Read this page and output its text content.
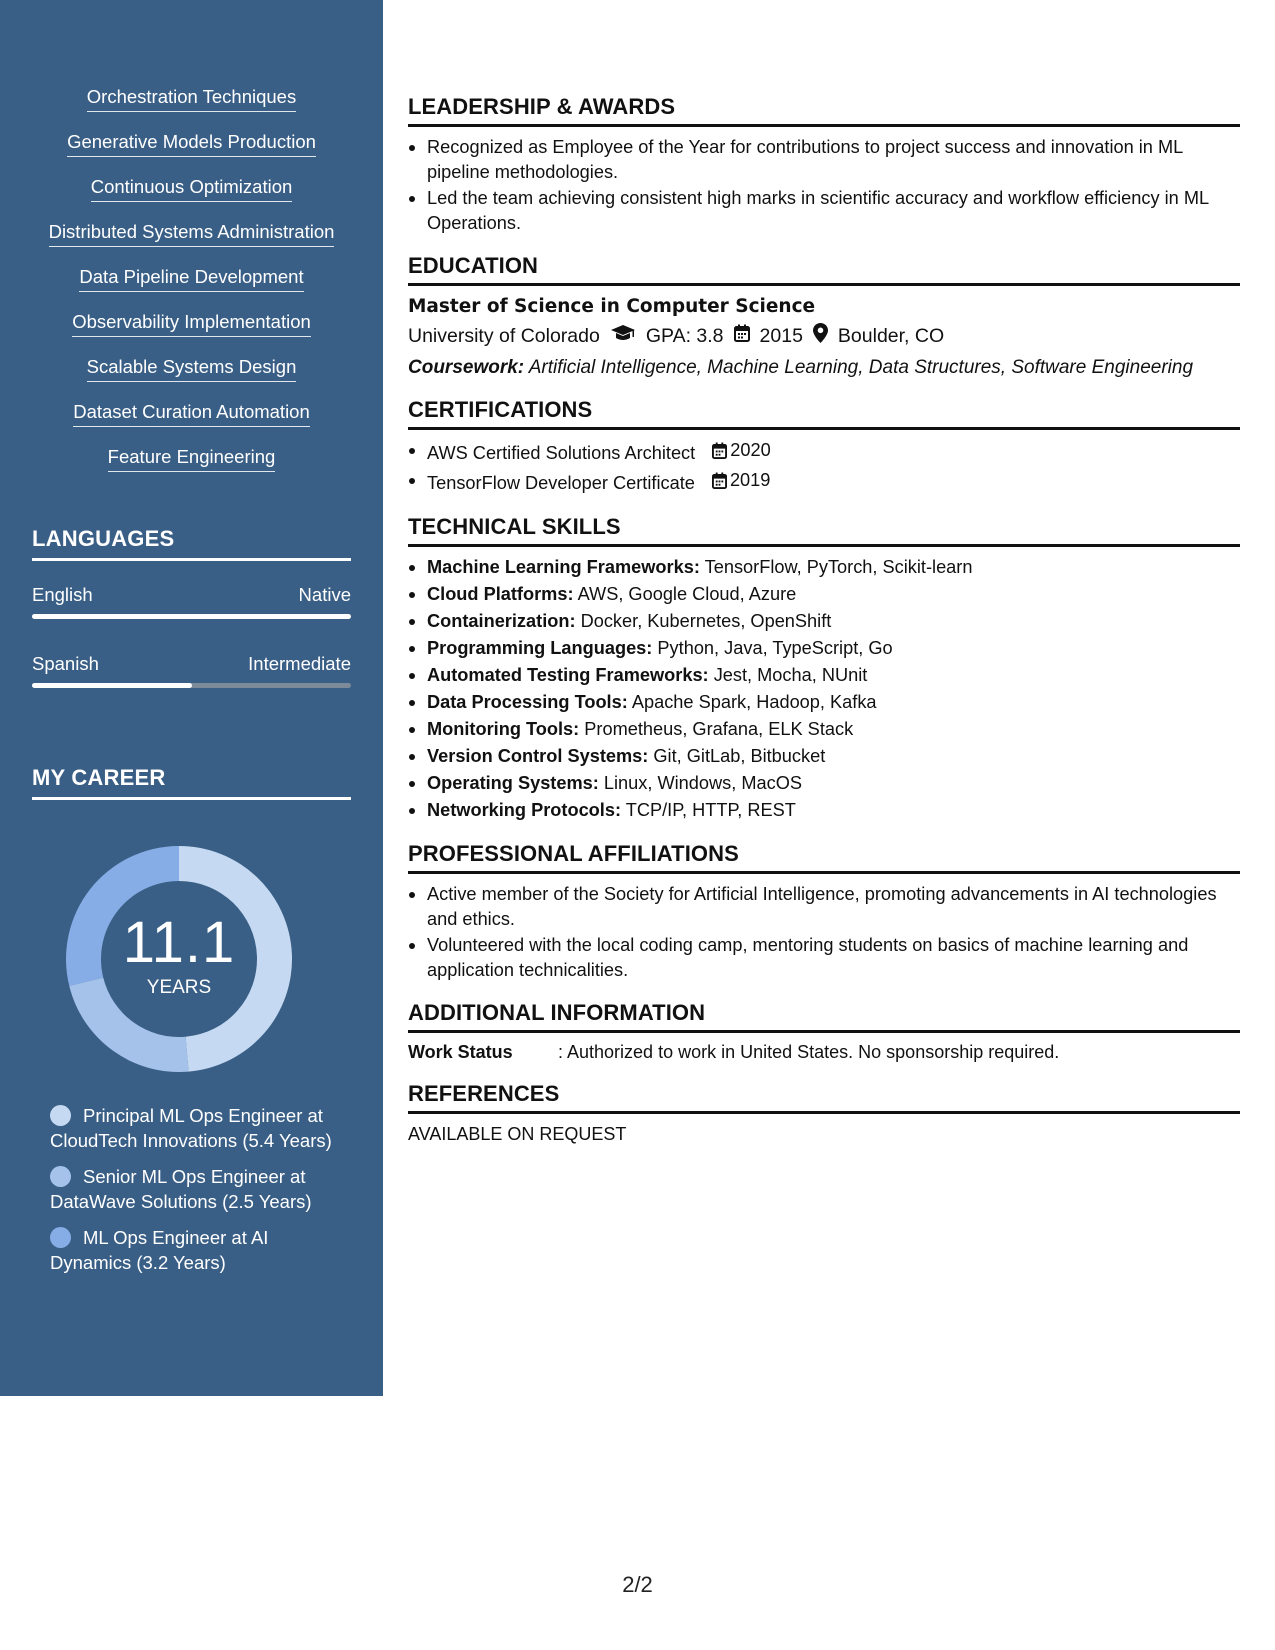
Orchestration Techniques
Generative Models Production
Continuous Optimization
Distributed Systems Administration
Data Pipeline Development
Observability Implementation
Scalable Systems Design
Dataset Curation Automation
Feature Engineering
LANGUAGES
English	Native
Spanish	Intermediate
MY CAREER
11.1
YEARS
Principal ML Ops Engineer at CloudTech Innovations (5.4 Years)
Senior ML Ops Engineer at DataWave Solutions (2.5 Years)
ML Ops Engineer at AI Dynamics (3.2 Years)
LEADERSHIP & AWARDS
Recognized as Employee of the Year for contributions to project success and innovation in ML pipeline methodologies.
Led the team achieving consistent high marks in scientific accuracy and workflow efficiency in ML Operations.
EDUCATION
Master of Science in Computer Science
University of Colorado GPA: 3.8 2015 Boulder, CO
Coursework: Artificial Intelligence, Machine Learning, Data Structures, Software Engineering
CERTIFICATIONS
AWS Certified Solutions Architect 2020
TensorFlow Developer Certificate 2019
TECHNICAL SKILLS
Machine Learning Frameworks: TensorFlow, PyTorch, Scikit-learn
Cloud Platforms: AWS, Google Cloud, Azure
Containerization: Docker, Kubernetes, OpenShift
Programming Languages: Python, Java, TypeScript, Go
Automated Testing Frameworks: Jest, Mocha, NUnit
Data Processing Tools: Apache Spark, Hadoop, Kafka
Monitoring Tools: Prometheus, Grafana, ELK Stack
Version Control Systems: Git, GitLab, Bitbucket
Operating Systems: Linux, Windows, MacOS
Networking Protocols: TCP/IP, HTTP, REST
PROFESSIONAL AFFILIATIONS
Active member of the Society for Artificial Intelligence, promoting advancements in AI technologies and ethics.
Volunteered with the local coding camp, mentoring students on basics of machine learning and application technicalities.
ADDITIONAL INFORMATION
Work Status	: Authorized to work in United States. No sponsorship required.
REFERENCES
AVAILABLE ON REQUEST
2/2
